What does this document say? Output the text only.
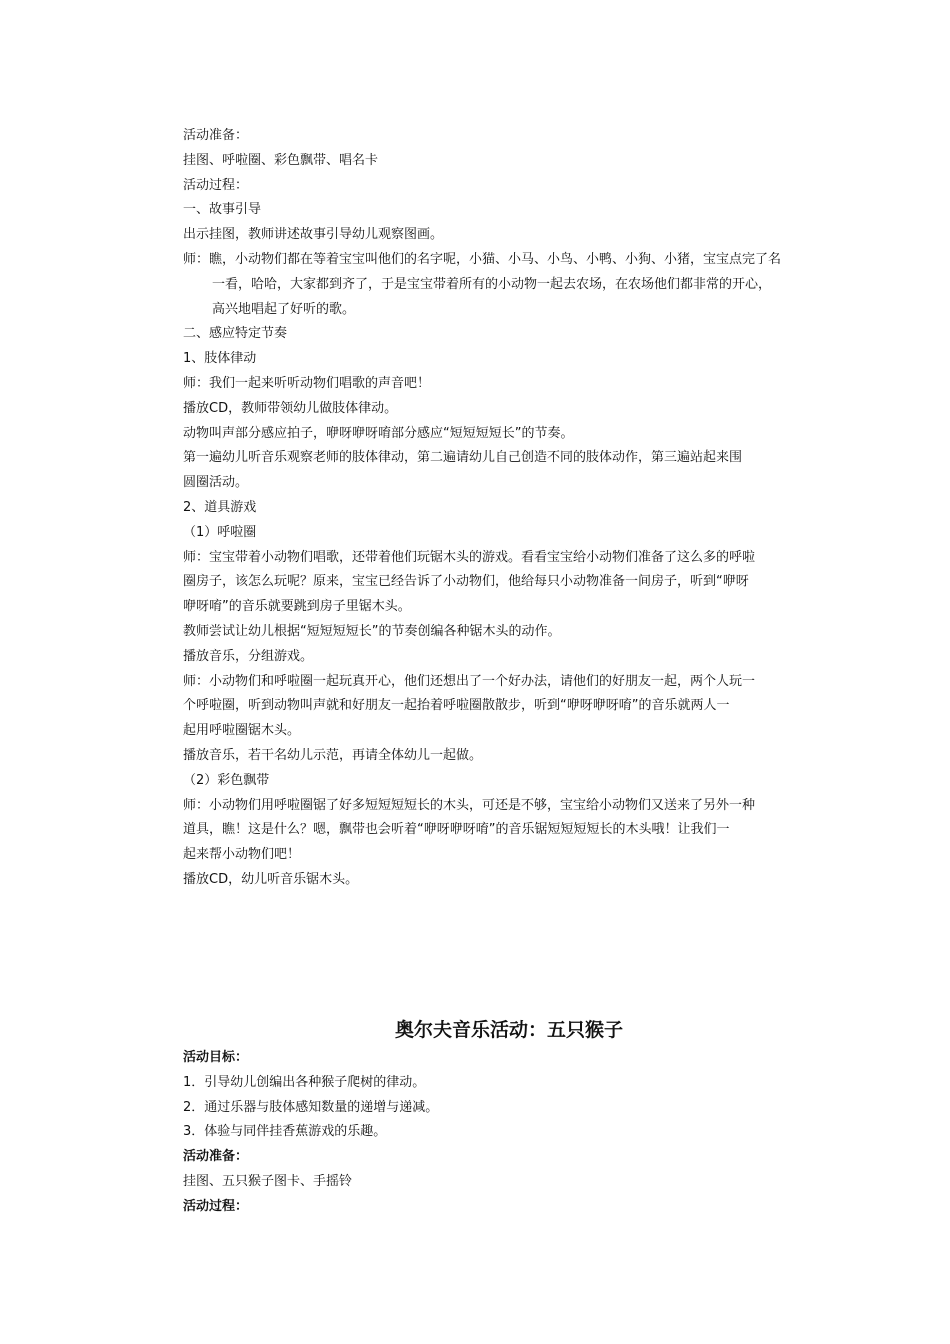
活动准备：
挂图、呼啦圈、彩色飘带、唱名卡
活动过程：
一、故事引导
出示挂图，教师讲述故事引导幼儿观察图画。
师：瞧，小动物们都在等着宝宝叫他们的名字呢，小猫、小马、小鸟、小鸭、小狗、小猪，宝宝点完了名
一看，哈哈，大家都到齐了，于是宝宝带着所有的小动物一起去农场，在农场他们都非常的开心，
高兴地唱起了好听的歌。
二、感应特定节奏
1、肢体律动
师：我们一起来听听动物们唱歌的声音吧！
播放CD，教师带领幼儿做肢体律动。
动物叫声部分感应拍子，咿呀咿呀唷部分感应“短短短短长”的节奏。
第一遍幼儿听音乐观察老师的肢体律动，第二遍请幼儿自己创造不同的肢体动作，第三遍站起来围
圆圈活动。
2、道具游戏
（1）呼啦圈
师：宝宝带着小动物们唱歌，还带着他们玩锯木头的游戏。看看宝宝给小动物们准备了这么多的呼啦
圈房子，该怎么玩呢？原来，宝宝已经告诉了小动物们，他给每只小动物准备一间房子，听到“咿呀
咿呀唷”的音乐就要跳到房子里锯木头。
教师尝试让幼儿根据“短短短短长”的节奏创编各种锯木头的动作。
播放音乐，分组游戏。
师：小动物们和呼啦圈一起玩真开心，他们还想出了一个好办法，请他们的好朋友一起，两个人玩一
个呼啦圈，听到动物叫声就和好朋友一起抬着呼啦圈散散步，听到“咿呀咿呀唷”的音乐就两人一
起用呼啦圈锯木头。
播放音乐，若干名幼儿示范，再请全体幼儿一起做。
（2）彩色飘带
师：小动物们用呼啦圈锯了好多短短短短长的木头，可还是不够，宝宝给小动物们又送来了另外一种
道具，瞧！这是什么？嗯，飘带也会听着“咿呀咿呀唷”的音乐锯短短短短长的木头哦！让我们一
起来帮小动物们吧！
播放CD，幼儿听音乐锯木头。
奥尔夫音乐活动：五只猴子
活动目标：
1．引导幼儿创编出各种猴子爬树的律动。
2．通过乐器与肢体感知数量的递增与递减。
3．体验与同伴挂香蕉游戏的乐趣。
活动准备：
挂图、五只猴子图卡、手摇铃
活动过程：
